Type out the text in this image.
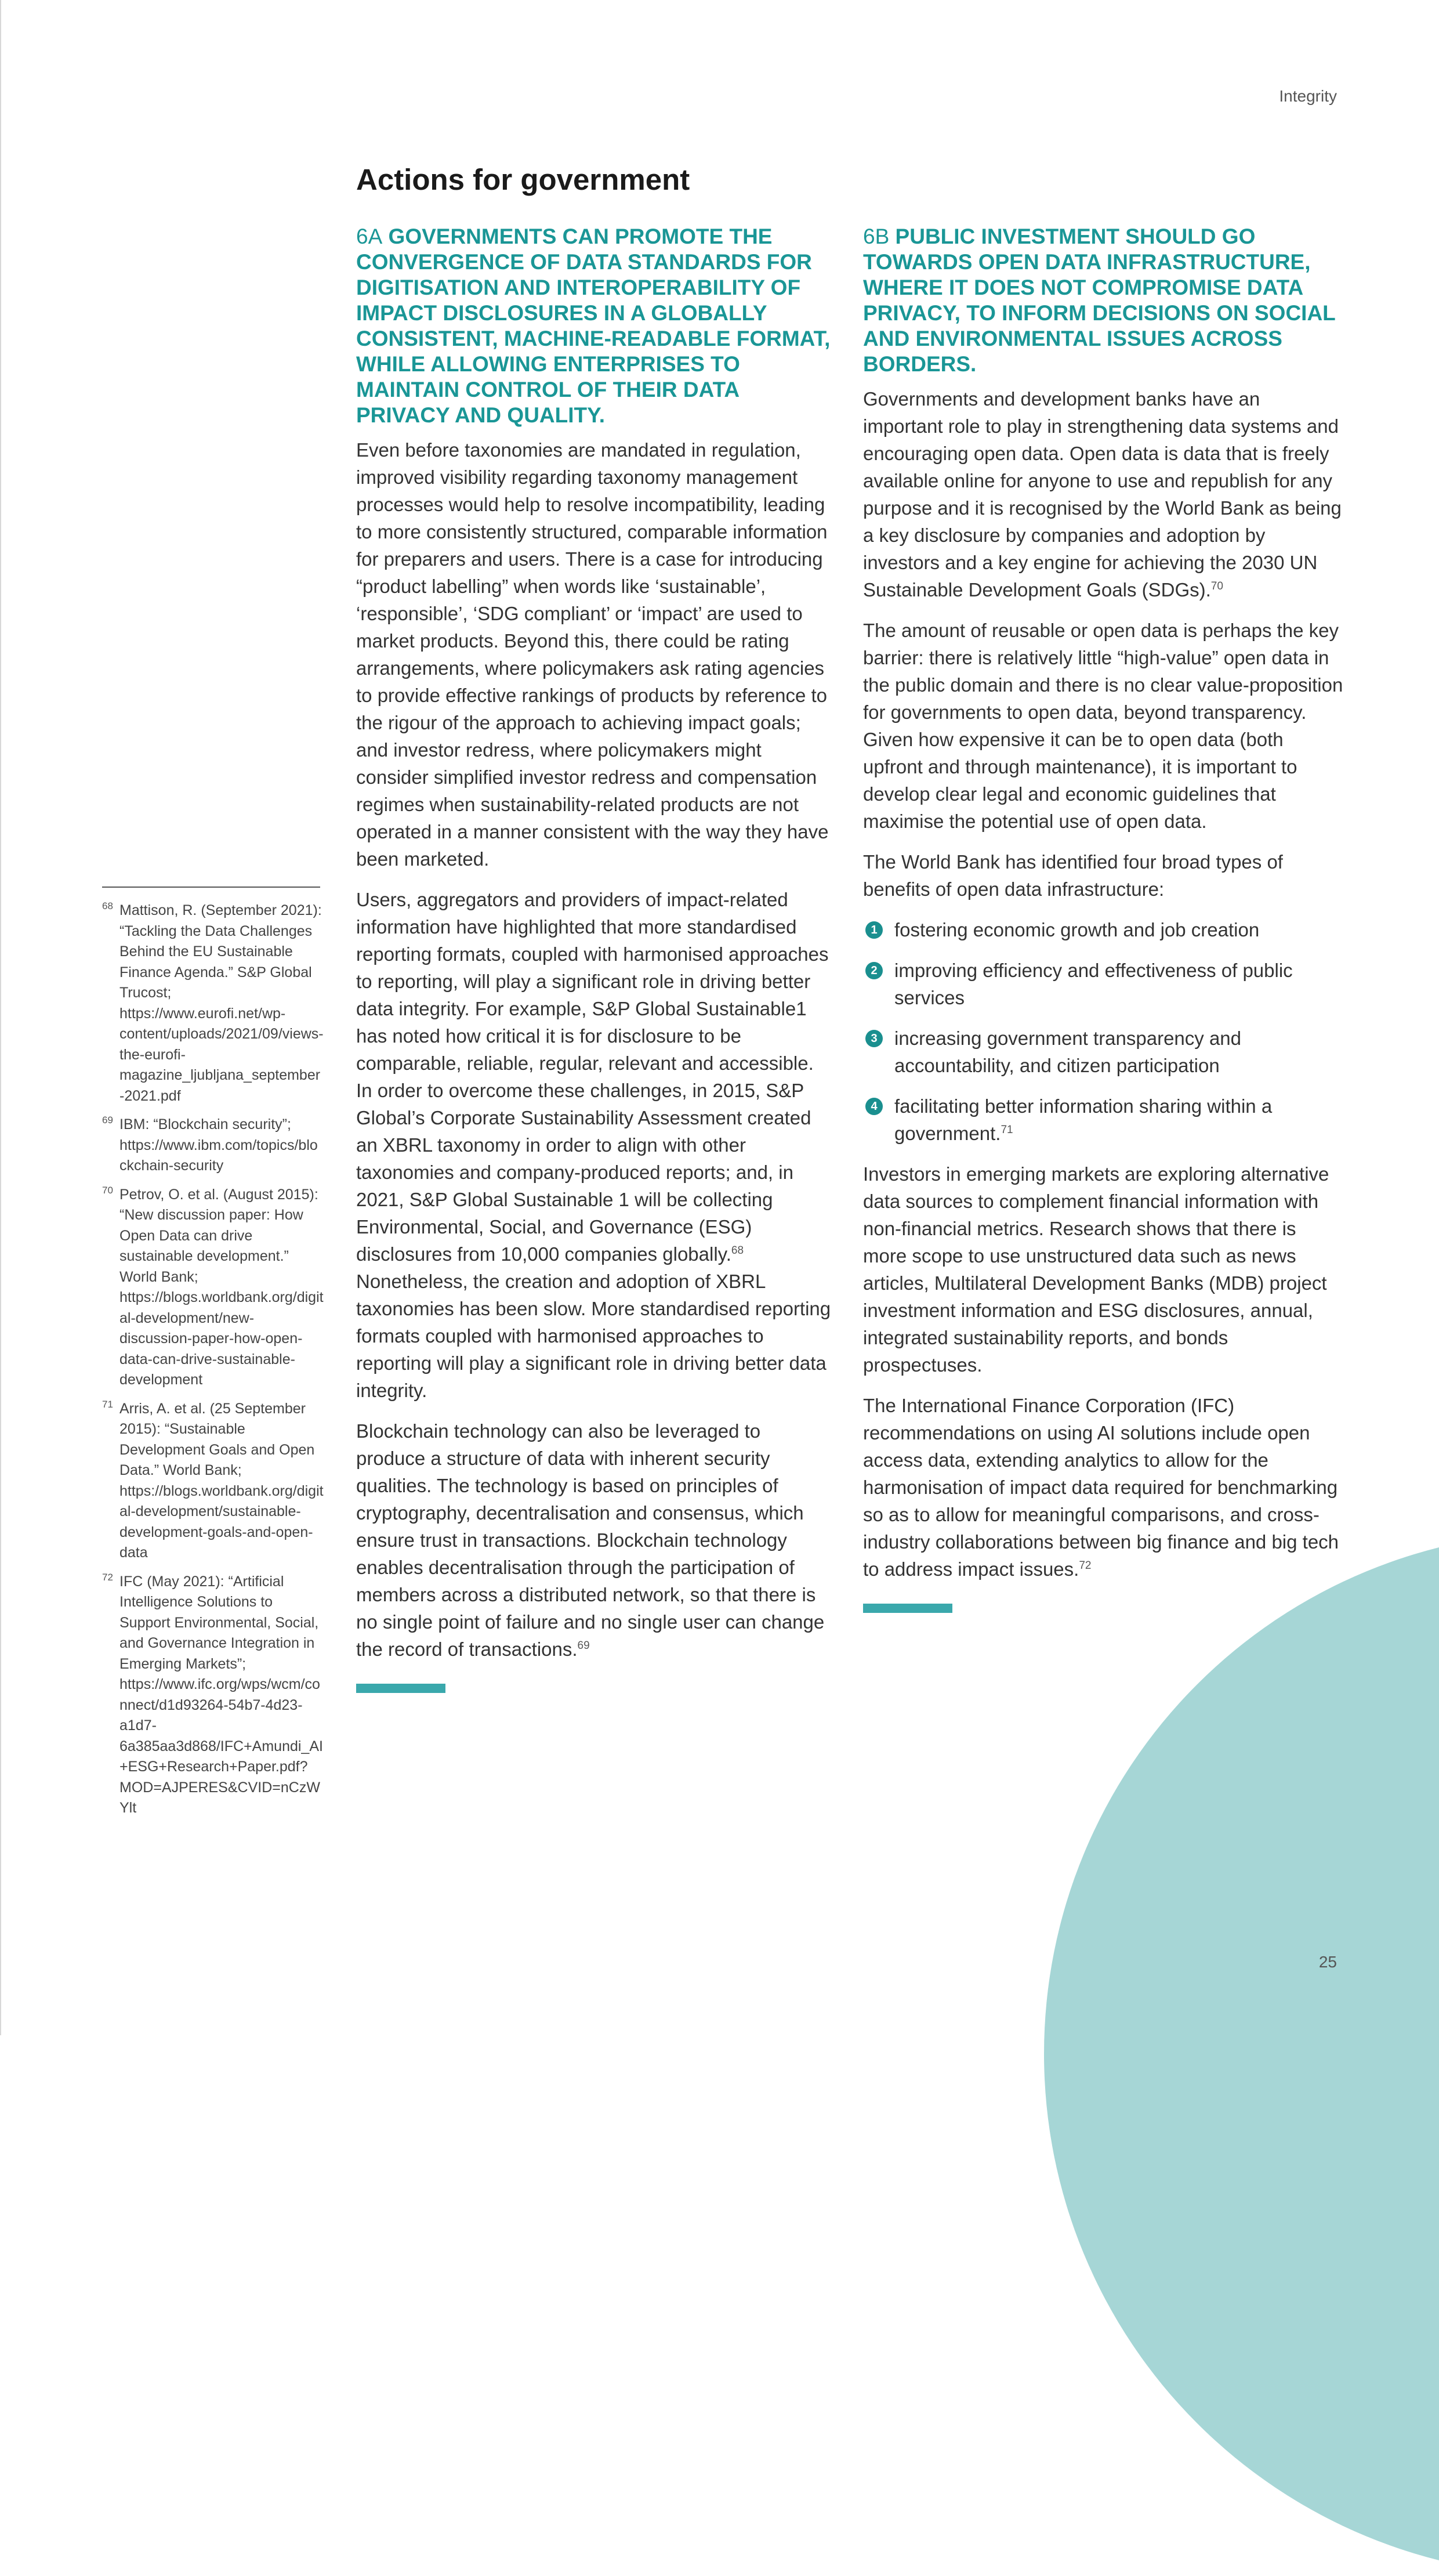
Integrity
Actions for government
6A GOVERNMENTS CAN PROMOTE THE CONVERGENCE OF DATA STANDARDS FOR DIGITISATION AND INTEROPERABILITY OF IMPACT DISCLOSURES IN A GLOBALLY CONSISTENT, MACHINE-READABLE FORMAT, WHILE ALLOWING ENTERPRISES TO MAINTAIN CONTROL OF THEIR DATA PRIVACY AND QUALITY.

Even before taxonomies are mandated in regulation, improved visibility regarding taxonomy management processes would help to resolve incompatibility, leading to more consistently structured, comparable information for preparers and users. There is a case for introducing “product labelling” when words like ‘sustainable’, ‘responsible’, ‘SDG compliant’ or ‘impact’ are used to market products. Beyond this, there could be rating arrangements, where policymakers ask rating agencies to provide effective rankings of products by reference to the rigour of the approach to achieving impact goals; and investor redress, where policymakers might consider simplified investor redress and compensation regimes when sustainability-related products are not operated in a manner consistent with the way they have been marketed.

Users, aggregators and providers of impact-related information have highlighted that more standardised reporting formats, coupled with harmonised approaches to reporting, will play a significant role in driving better data integrity. For example, S&P Global Sustainable1 has noted how critical it is for disclosure to be comparable, reliable, regular, relevant and accessible. In order to overcome these challenges, in 2015, S&P Global’s Corporate Sustainability Assessment created an XBRL taxonomy in order to align with other taxonomies and company-produced reports; and, in 2021, S&P Global Sustainable 1 will be collecting Environmental, Social, and Governance (ESG) disclosures from 10,000 companies globally.$^{68}$ Nonetheless, the creation and adoption of XBRL taxonomies has been slow. More standardised reporting formats coupled with harmonised approaches to reporting will play a significant role in driving better data integrity.

Blockchain technology can also be leveraged to produce a structure of data with inherent security qualities. The technology is based on principles of cryptography, decentralisation and consensus, which ensure trust in transactions. Blockchain technology enables decentralisation through the participation of members across a distributed network, so that there is no single point of failure and no single user can change the record of transactions.$^{69}$

6B PUBLIC INVESTMENT SHOULD GO TOWARDS OPEN DATA INFRASTRUCTURE, WHERE IT DOES NOT COMPROMISE DATA PRIVACY, TO INFORM DECISIONS ON SOCIAL AND ENVIRONMENTAL ISSUES ACROSS BORDERS.

Governments and development banks have an important role to play in strengthening data systems and encouraging open data. Open data is data that is freely available online for anyone to use and republish for any purpose and it is recognised by the World Bank as being a key disclosure by companies and adoption by investors and a key engine for achieving the 2030 UN Sustainable Development Goals (SDGs).$^{70}$

The amount of reusable or open data is perhaps the key barrier: there is relatively little “high-value” open data in the public domain and there is no clear value-proposition for governments to open data, beyond transparency. Given how expensive it can be to open data (both upfront and through maintenance), it is important to develop clear legal and economic guidelines that maximise the potential use of open data.

The World Bank has identified four broad types of benefits of open data infrastructure:

1 fostering economic growth and job creation
2 improving efficiency and effectiveness of public services
3 increasing government transparency and accountability, and citizen participation
4 facilitating better information sharing within a government.$^{71}$

Investors in emerging markets are exploring alternative data sources to complement financial information with non-financial metrics. Research shows that there is more scope to use unstructured data such as news articles, Multilateral Development Banks (MDB) project investment information and ESG disclosures, annual, integrated sustainability reports, and bonds prospectuses.

The International Finance Corporation (IFC) recommendations on using AI solutions include open access data, extending analytics to allow for the harmonisation of impact data required for benchmarking so as to allow for meaningful comparisons, and cross-industry collaborations between big finance and big tech to address impact issues.$^{72}$

68 Mattison, R. (September 2021): “Tackling the Data Challenges Behind the EU Sustainable Finance Agenda.” S&P Global Trucost; https://www.eurofi.net/wp-content/uploads/2021/09/views-the-eurofi-magazine_ljubljana_september-2021.pdf
69 IBM: “Blockchain security”; https://www.ibm.com/topics/blockchain-security
70 Petrov, O. et al. (August 2015): “New discussion paper: How Open Data can drive sustainable development.” World Bank; https://blogs.worldbank.org/digital-development/new-discussion-paper-how-open-data-can-drive-sustainable-development
71 Arris, A. et al. (25 September 2015): “Sustainable Development Goals and Open Data.” World Bank; https://blogs.worldbank.org/digital-development/sustainable-development-goals-and-open-data
72 IFC (May 2021): “Artificial Intelligence Solutions to Support Environmental, Social, and Governance Integration in Emerging Markets”; https://www.ifc.org/wps/wcm/connect/d1d93264-54b7-4d23-a1d7-6a385aa3d868/IFC+Amundi_AI+ESG+Research+Paper.pdf?MOD=AJPERES&CVID=nCzWYlt
25
